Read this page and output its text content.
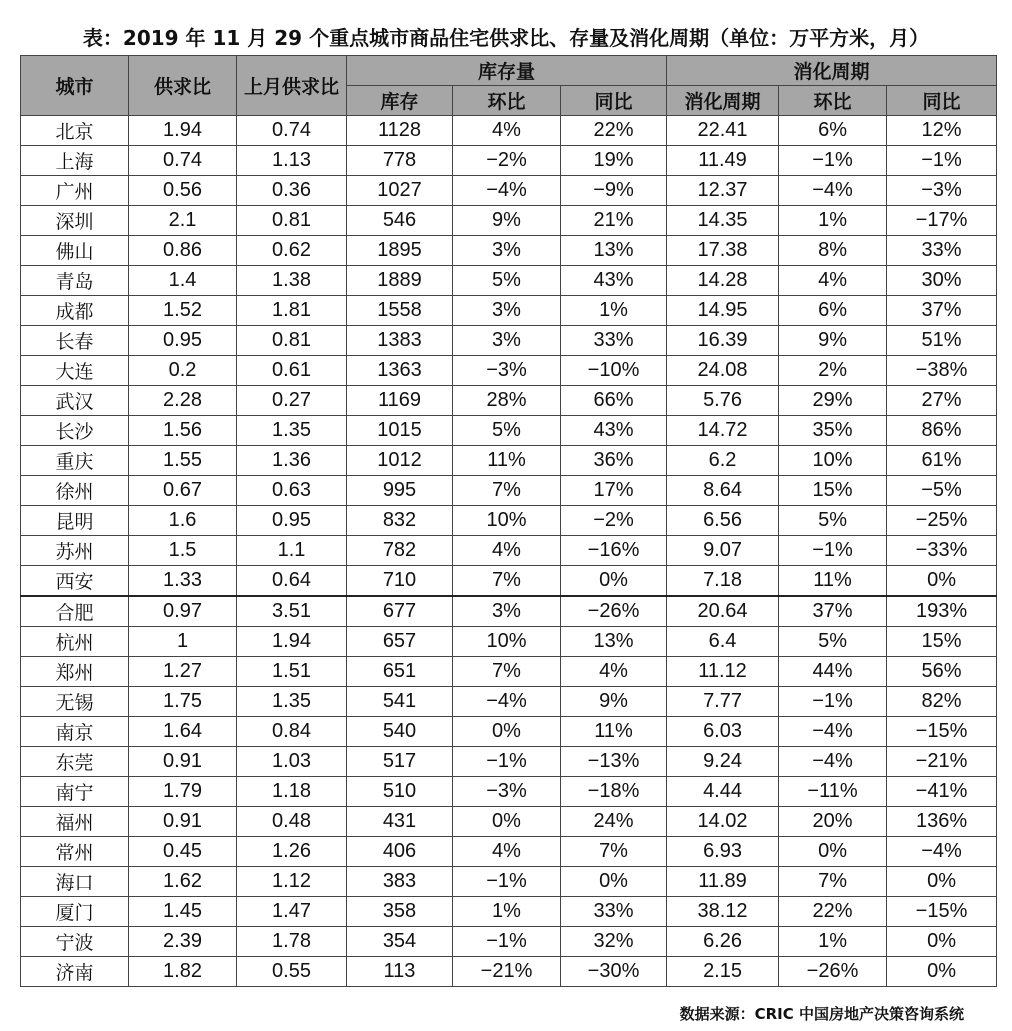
表：2019 年 11 月 29 个重点城市商品住宅供求比、存量及消化周期（单位：万平方米，月）
城市	供求比	上月供求比	库存量			消化周期		
			库存	环比	同比	消化周期	环比	同比
北京	1.94	0.74	1128	4%	22%	22.41	6%	12%
上海	0.74	1.13	778	−2%	19%	11.49	−1%	−1%
广州	0.56	0.36	1027	−4%	−9%	12.37	−4%	−3%
深圳	2.1	0.81	546	9%	21%	14.35	1%	−17%
佛山	0.86	0.62	1895	3%	13%	17.38	8%	33%
青岛	1.4	1.38	1889	5%	43%	14.28	4%	30%
成都	1.52	1.81	1558	3%	1%	14.95	6%	37%
长春	0.95	0.81	1383	3%	33%	16.39	9%	51%
大连	0.2	0.61	1363	−3%	−10%	24.08	2%	−38%
武汉	2.28	0.27	1169	28%	66%	5.76	29%	27%
长沙	1.56	1.35	1015	5%	43%	14.72	35%	86%
重庆	1.55	1.36	1012	11%	36%	6.2	10%	61%
徐州	0.67	0.63	995	7%	17%	8.64	15%	−5%
昆明	1.6	0.95	832	10%	−2%	6.56	5%	−25%
苏州	1.5	1.1	782	4%	−16%	9.07	−1%	−33%
西安	1.33	0.64	710	7%	0%	7.18	11%	0%
合肥	0.97	3.51	677	3%	−26%	20.64	37%	193%
杭州	1	1.94	657	10%	13%	6.4	5%	15%
郑州	1.27	1.51	651	7%	4%	11.12	44%	56%
无锡	1.75	1.35	541	−4%	9%	7.77	−1%	82%
南京	1.64	0.84	540	0%	11%	6.03	−4%	−15%
东莞	0.91	1.03	517	−1%	−13%	9.24	−4%	−21%
南宁	1.79	1.18	510	−3%	−18%	4.44	−11%	−41%
福州	0.91	0.48	431	0%	24%	14.02	20%	136%
常州	0.45	1.26	406	4%	7%	6.93	0%	−4%
海口	1.62	1.12	383	−1%	0%	11.89	7%	0%
厦门	1.45	1.47	358	1%	33%	38.12	22%	−15%
宁波	2.39	1.78	354	−1%	32%	6.26	1%	0%
济南	1.82	0.55	113	−21%	−30%	2.15	−26%	0%
数据来源：CRIC 中国房地产决策咨询系统
